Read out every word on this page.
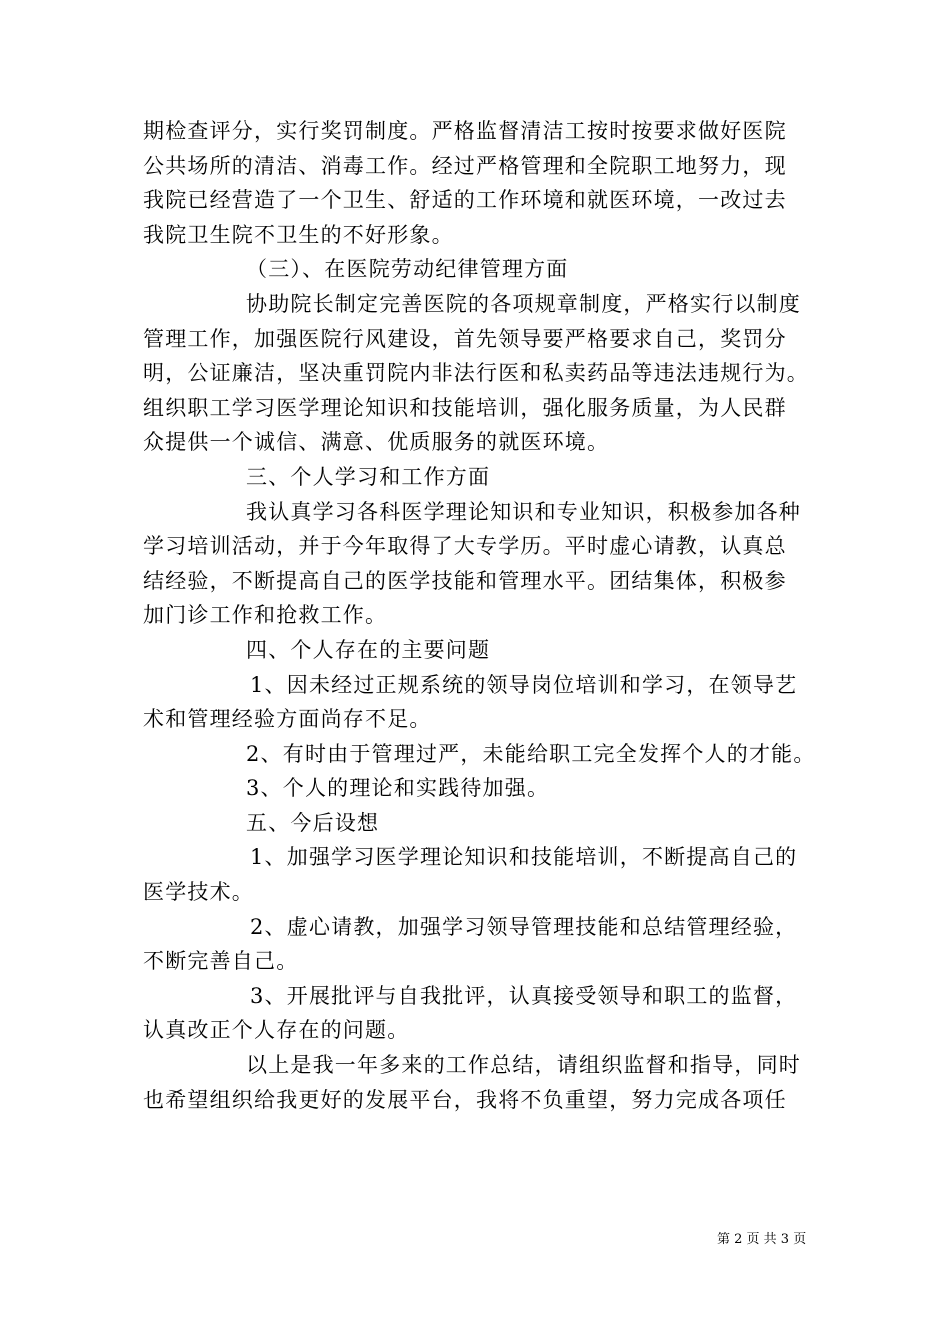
期检查评分，实行奖罚制度。严格监督清洁工按时按要求做好医院
公共场所的清洁、消毒工作。经过严格管理和全院职工地努力，现
我院已经营造了一个卫生、舒适的工作环境和就医环境，一改过去
我院卫生院不卫生的不好形象。
（三）、在医院劳动纪律管理方面
协助院长制定完善医院的各项规章制度，严格实行以制度
管理工作，加强医院行风建设，首先领导要严格要求自己，奖罚分
明，公证廉洁，坚决重罚院内非法行医和私卖药品等违法违规行为。
组织职工学习医学理论知识和技能培训，强化服务质量，为人民群
众提供一个诚信、满意、优质服务的就医环境。
三、个人学习和工作方面
我认真学习各科医学理论知识和专业知识，积极参加各种
学习培训活动，并于今年取得了大专学历。平时虚心请教，认真总
结经验，不断提高自己的医学技能和管理水平。团结集体，积极参
加门诊工作和抢救工作。
四、个人存在的主要问题
1、因未经过正规系统的领导岗位培训和学习，在领导艺
术和管理经验方面尚存不足。
2、有时由于管理过严，未能给职工完全发挥个人的才能。
3、个人的理论和实践待加强。
五、今后设想
1、加强学习医学理论知识和技能培训，不断提高自己的
医学技术。
2、虚心请教，加强学习领导管理技能和总结管理经验，
不断完善自己。
3、开展批评与自我批评，认真接受领导和职工的监督，
认真改正个人存在的问题。
以上是我一年多来的工作总结，请组织监督和指导，同时
也希望组织给我更好的发展平台，我将不负重望，努力完成各项任
第 2 页 共 3 页
